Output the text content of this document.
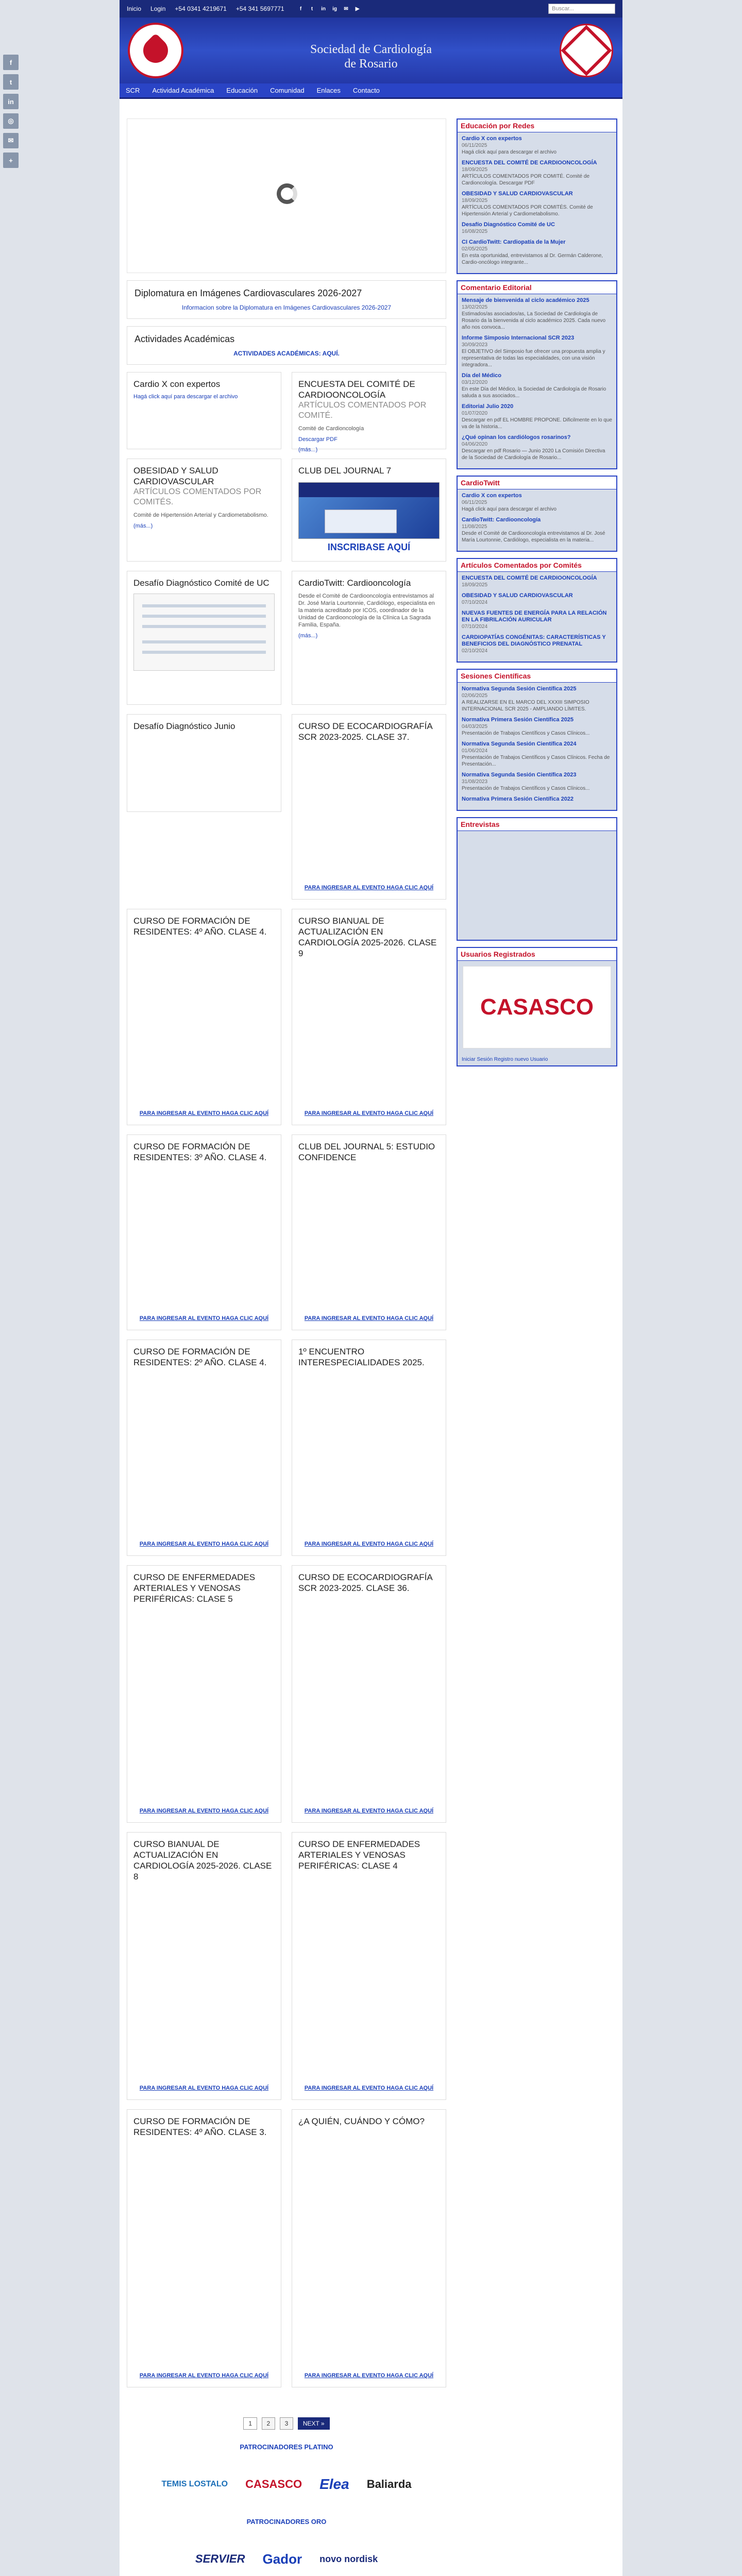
f
t
in
◎
✉
+
Inicio Login +54 0341 4219671 +54 341 5697771	f	t	in	ig	✉	▶	Buscar...
Sociedad de Cardiología
de Rosario
SCR Actividad Académica Educación Comunidad Enlaces Contacto
Diplomatura en Imágenes Cardiovasculares 2026-2027
Informacion sobre la Diplomatura en Imágenes Cardiovasculares 2026-2027
Actividades Académicas
ACTIVIDADES ACADÉMICAS: AQUÍ.
Cardio X con expertos
Hagá click aquí para descargar el archivo
ENCUESTA DEL COMITÉ DE CARDIOONCOLOGÍA
ARTÍCULOS COMENTADOS POR COMITÉ.
Comité de Cardioncología
Descargar PDF
(más...)
OBESIDAD Y SALUD CARDIOVASCULAR
ARTÍCULOS COMENTADOS POR COMITÉS.
Comité de Hipertensión Arterial y Cardiometabolismo.
(más...)
CLUB DEL JOURNAL 7
INSCRIBASE AQUÍ
Desafío Diagnóstico Comité de UC	CardioTwitt: Cardiooncología
Desde el Comité de Cardiooncología entrevistamos al Dr. José María Lourtonnie, Cardiólogo, especialista en la materia acreditado por ICOS, coordinador de la Unidad de Cardiooncología de la Clínica La Sagrada Familia, España.
(más...)
Desafío Diagnóstico Junio	CURSO DE ECOCARDIOGRAFÍA SCR 2023-2025. CLASE 37.
PARA INGRESAR AL EVENTO HAGA CLIC AQUÍ
CURSO DE FORMACIÓN DE RESIDENTES: 4º AÑO. CLASE 4.
PARA INGRESAR AL EVENTO HAGA CLIC AQUÍ
CURSO BIANUAL DE ACTUALIZACIÓN EN CARDIOLOGÍA 2025-2026. CLASE 9
PARA INGRESAR AL EVENTO HAGA CLIC AQUÍ
CURSO DE FORMACIÓN DE RESIDENTES: 3º AÑO. CLASE 4.
PARA INGRESAR AL EVENTO HAGA CLIC AQUÍ
CLUB DEL JOURNAL 5: ESTUDIO CONFIDENCE
PARA INGRESAR AL EVENTO HAGA CLIC AQUÍ
CURSO DE FORMACIÓN DE RESIDENTES: 2º AÑO. CLASE 4.
PARA INGRESAR AL EVENTO HAGA CLIC AQUÍ
1º ENCUENTRO INTERESPECIALIDADES 2025.
PARA INGRESAR AL EVENTO HAGA CLIC AQUÍ
CURSO DE ENFERMEDADES ARTERIALES Y VENOSAS PERIFÉRICAS: CLASE 5
PARA INGRESAR AL EVENTO HAGA CLIC AQUÍ
CURSO DE ECOCARDIOGRAFÍA SCR 2023-2025. CLASE 36.
PARA INGRESAR AL EVENTO HAGA CLIC AQUÍ
CURSO BIANUAL DE ACTUALIZACIÓN EN CARDIOLOGÍA 2025-2026. CLASE 8
PARA INGRESAR AL EVENTO HAGA CLIC AQUÍ
CURSO DE ENFERMEDADES ARTERIALES Y VENOSAS PERIFÉRICAS: CLASE 4
PARA INGRESAR AL EVENTO HAGA CLIC AQUÍ
CURSO DE FORMACIÓN DE RESIDENTES: 4º AÑO. CLASE 3.
PARA INGRESAR AL EVENTO HAGA CLIC AQUÍ
¿A QUIÉN, CUÁNDO Y CÓMO?
PARA INGRESAR AL EVENTO HAGA CLIC AQUÍ
1 2 3 NEXT »
PATROCINADORES PLATINO
TEMIS LOSTALO CASASCO Elea Baliarda
PATROCINADORES ORO
SERVIER Gador novo nordisk
Educación por Redes
Cardio X con expertos
06/11/2025
Hagá click aquí para descargar el archivo
ENCUESTA DEL COMITÉ DE CARDIOONCOLOGÍA
18/09/2025
ARTÍCULOS COMENTADOS POR COMITÉ. Comité de Cardioncología. Descargar PDF
OBESIDAD Y SALUD CARDIOVASCULAR
18/09/2025
ARTÍCULOS COMENTADOS POR COMITÉS. Comité de Hipertensión Arterial y Cardiometabolismo.
Desafío Diagnóstico Comité de UC
16/08/2025
CI CardioTwitt: Cardiopatía de la Mujer
02/05/2025
En esta oportunidad, entrevistamos al Dr. Germán Calderone, Cardio-oncólogo integrante...
Comentario Editorial
Mensaje de bienvenida al ciclo académico 2025
13/02/2025
Estimados/as asociados/as, La Sociedad de Cardiología de Rosario da la bienvenida al ciclo académico 2025. Cada nuevo año nos convoca...
Informe Simposio Internacional SCR 2023
30/09/2023
El OBJETIVO del Simposio fue ofrecer una propuesta amplia y representativa de todas las especialidades, con una visión integradora...
Día del Médico
03/12/2020
En este Día del Médico, la Sociedad de Cardiología de Rosario saluda a sus asociados...
Editorial Julio 2020
01/07/2020
Descargar en pdf EL HOMBRE PROPONE. Dificilmente en lo que va de la historia...
¿Qué opinan los cardiólogos rosarinos?
04/06/2020
Descargar en pdf Rosario — Junio 2020 La Comisión Directiva de la Sociedad de Cardiología de Rosario...
CardioTwitt
Cardio X con expertos
06/11/2025
Hagá click aquí para descargar el archivo
CardioTwitt: Cardiooncología
11/08/2025
Desde el Comité de Cardiooncología entrevistamos al Dr. José María Lourtonnie, Cardiólogo, especialista en la materia...
Artículos Comentados por Comités
ENCUESTA DEL COMITÉ DE CARDIOONCOLOGÍA
18/09/2025
OBESIDAD Y SALUD CARDIOVASCULAR
07/10/2024
NUEVAS FUENTES DE ENERGÍA PARA LA RELACIÓN EN LA FIBRILACIÓN AURICULAR
07/10/2024
CARDIOPATÍAS CONGÉNITAS: CARACTERÍSTICAS Y BENEFICIOS DEL DIAGNÓSTICO PRENATAL
02/10/2024
Sesiones Científicas
Normativa Segunda Sesión Científica 2025
02/06/2025
A REALIZARSE EN EL MARCO DEL XXXIII SIMPOSIO INTERNACIONAL SCR 2025 - AMPLIANDO LÍMITES.
Normativa Primera Sesión Científica 2025
04/03/2025
Presentación de Trabajos Científicos y Casos Clínicos...
Normativa Segunda Sesión Científica 2024
01/06/2024
Presentación de Trabajos Científicos y Casos Clínicos. Fecha de Presentación...
Normativa Segunda Sesión Científica 2023
31/08/2023
Presentación de Trabajos Científicos y Casos Clínicos...
Normativa Primera Sesión Científica 2022
Entrevistas
Usuarios Registrados
CASASCO
Iniciar Sesión Registro nuevo Usuario
